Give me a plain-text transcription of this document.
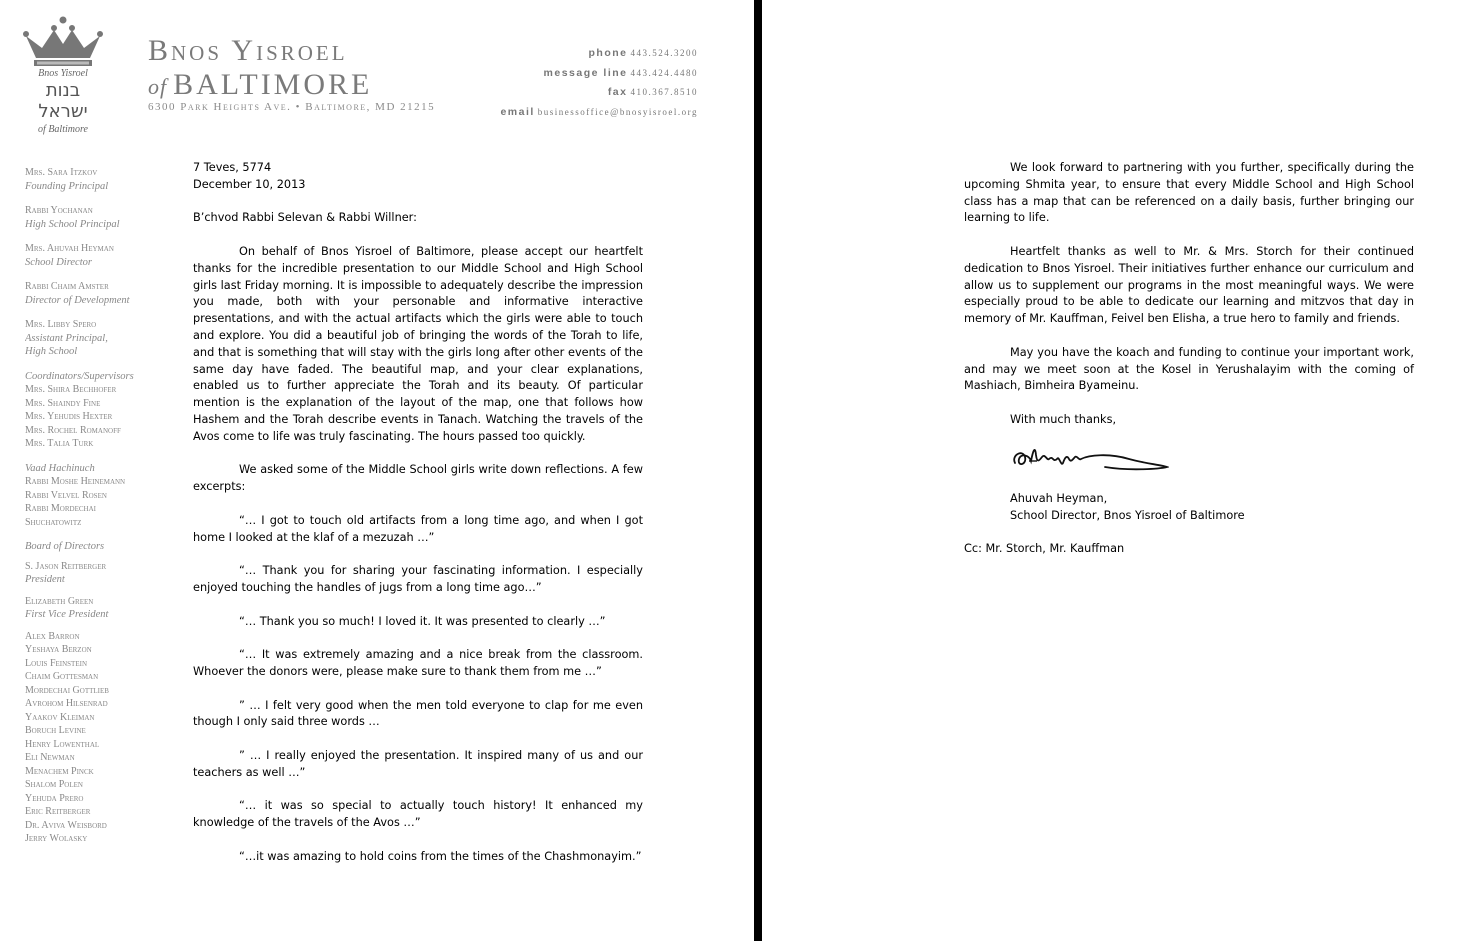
Bnos Yisroel
בנות
ישראל
of Baltimore
Bnos Yisroel
of BALTIMORE
6300 Park Heights Ave. • Baltimore, MD 21215
phone 443.524.3200
message line 443.424.4480
fax 410.367.8510
email businessoffice@bnosyisroel.org
Mrs. Sara Itzkov
Founding Principal
Rabbi Yochanan
High School Principal
Mrs. Ahuvah Heyman
School Director
Rabbi Chaim Amster
Director of Development
Mrs. Libby Spero
Assistant Principal,
High School
Coordinators/Supervisors
Mrs. Shira Bechhofer
Mrs. Shaindy Fine
Mrs. Yehudis Hexter
Mrs. Rochel Romanoff
Mrs. Talia Turk
Vaad Hachinuch
Rabbi Moshe Heinemann
Rabbi Velvel Rosen
Rabbi Mordechai
Shuchatowitz
Board of Directors
S. Jason Reitberger
President
Elizabeth Green
First Vice President
Alex Barron
Yeshaya Berzon
Louis Feinstein
Chaim Gottesman
Mordechai Gottlieb
Avrohom Hilsenrad
Yaakov Kleiman
Boruch Levine
Henry Lowenthal
Eli Newman
Menachem Pinck
Shalom Polen
Yehuda Prero
Eric Reitberger
Dr. Aviva Weisbord
Jerry Wolasky

7 Teves, 5774

December 10, 2013

B’chvod Rabbi Selevan & Rabbi Willner:

On behalf of Bnos Yisroel of Baltimore, please accept our heartfelt thanks for the incredible presentation to our Middle School and High School girls last Friday morning. It is impossible to adequately describe the impression you made, both with your personable and informative interactive presentations, and with the actual artifacts which the girls were able to touch and explore. You did a beautiful job of bringing the words of the Torah to life, and that is something that will stay with the girls long after other events of the same day have faded. The beautiful map, and your clear explanations, enabled us to further appreciate the Torah and its beauty. Of particular mention is the explanation of the layout of the map, one that follows how Hashem and the Torah describe events in Tanach. Watching the travels of the Avos come to life was truly fascinating. The hours passed too quickly.

We asked some of the Middle School girls write down reflections. A few excerpts:

“… I got to touch old artifacts from a long time ago, and when I got home I looked at the klaf of a mezuzah …”

“… Thank you for sharing your fascinating information. I especially enjoyed touching the handles of jugs from a long time ago…”

“… Thank you so much! I loved it. It was presented to clearly …”

“… It was extremely amazing and a nice break from the classroom. Whoever the donors were, please make sure to thank them from me …”

” … I felt very good when the men told everyone to clap for me even though I only said three words …

” … I really enjoyed the presentation. It inspired many of us and our teachers as well …”

“… it was so special to actually touch history! It enhanced my knowledge of the travels of the Avos …”

“…it was amazing to hold coins from the times of the Chashmonayim.”

We look forward to partnering with you further, specifically during the upcoming Shmita year, to ensure that every Middle School and High School class has a map that can be referenced on a daily basis, further bringing our learning to life.

Heartfelt thanks as well to Mr. & Mrs. Storch for their continued dedication to Bnos Yisroel. Their initiatives further enhance our curriculum and allow us to supplement our programs in the most meaningful ways. We were especially proud to be able to dedicate our learning and mitzvos that day in memory of Mr. Kauffman, Feivel ben Elisha, a true hero to family and friends.

May you have the koach and funding to continue your important work, and may we meet soon at the Kosel in Yerushalayim with the coming of Mashiach, Bimheira Byameinu.

With much thanks,

Ahuvah Heyman,

School Director, Bnos Yisroel of Baltimore

Cc: Mr. Storch, Mr. Kauffman
